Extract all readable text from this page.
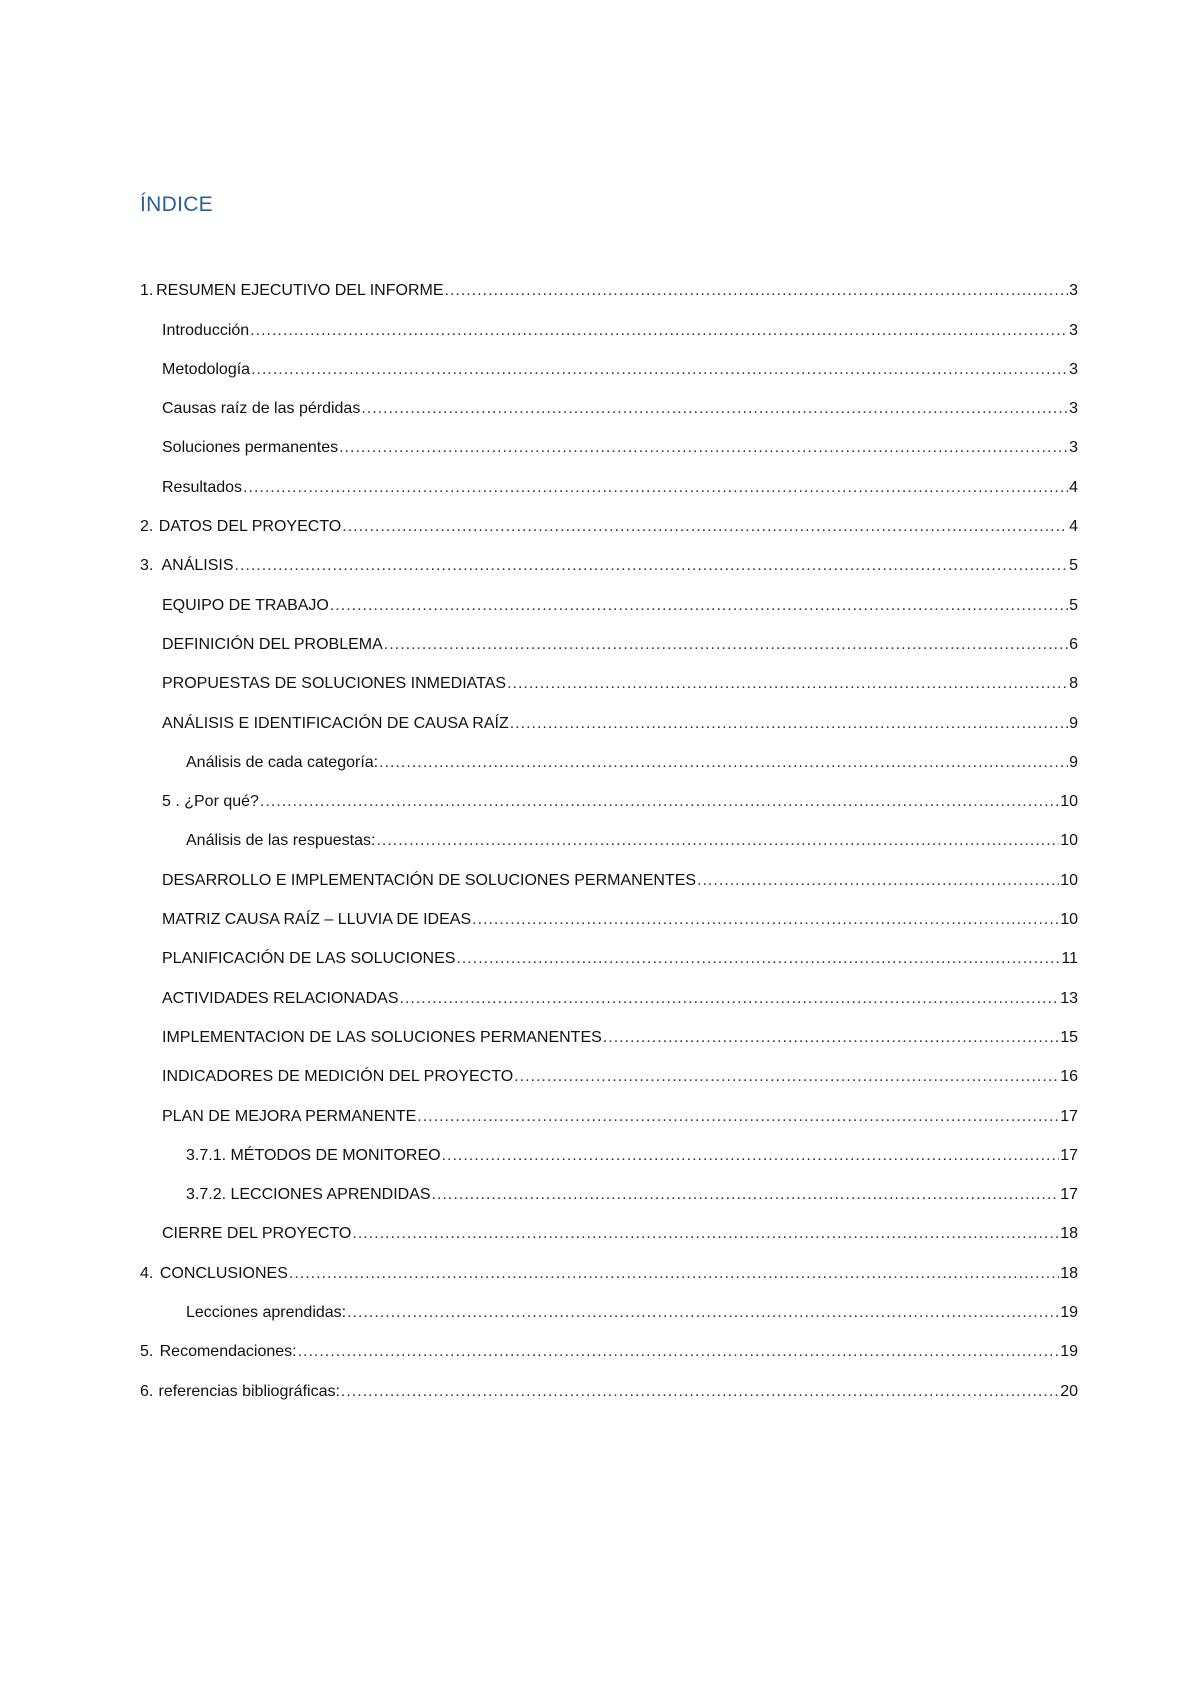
ÍNDICE
1. RESUMEN EJECUTIVO DEL INFORME .....	3
Introducción .....	3
Metodología .....	3
Causas raíz de las pérdidas .....	3
Soluciones permanentes .....	3
Resultados .....	4
2. DATOS DEL PROYECTO .....	4
3. ANÁLISIS .....	5
EQUIPO DE TRABAJO .....	5
DEFINICIÓN DEL PROBLEMA .....	6
PROPUESTAS DE SOLUCIONES INMEDIATAS .....	8
ANÁLISIS E IDENTIFICACIÓN DE CAUSA RAÍZ .....	9
Análisis de cada categoría: .....	9
5 . ¿Por qué? .....	10
Análisis de las respuestas: .....	10
DESARROLLO E IMPLEMENTACIÓN DE SOLUCIONES PERMANENTES .....	10
MATRIZ CAUSA RAÍZ – LLUVIA DE IDEAS .....	10
PLANIFICACIÓN DE LAS SOLUCIONES .....	11
ACTIVIDADES RELACIONADAS .....	13
IMPLEMENTACION DE LAS SOLUCIONES PERMANENTES .....	15
INDICADORES DE MEDICIÓN DEL PROYECTO .....	16
PLAN DE MEJORA PERMANENTE .....	17
3.7.1. MÉTODOS DE MONITOREO .....	17
3.7.2. LECCIONES APRENDIDAS .....	17
CIERRE DEL PROYECTO .....	18
4. CONCLUSIONES .....	18
Lecciones aprendidas: .....	19
5. Recomendaciones: .....	19
6. referencias bibliográficas: .....	20
